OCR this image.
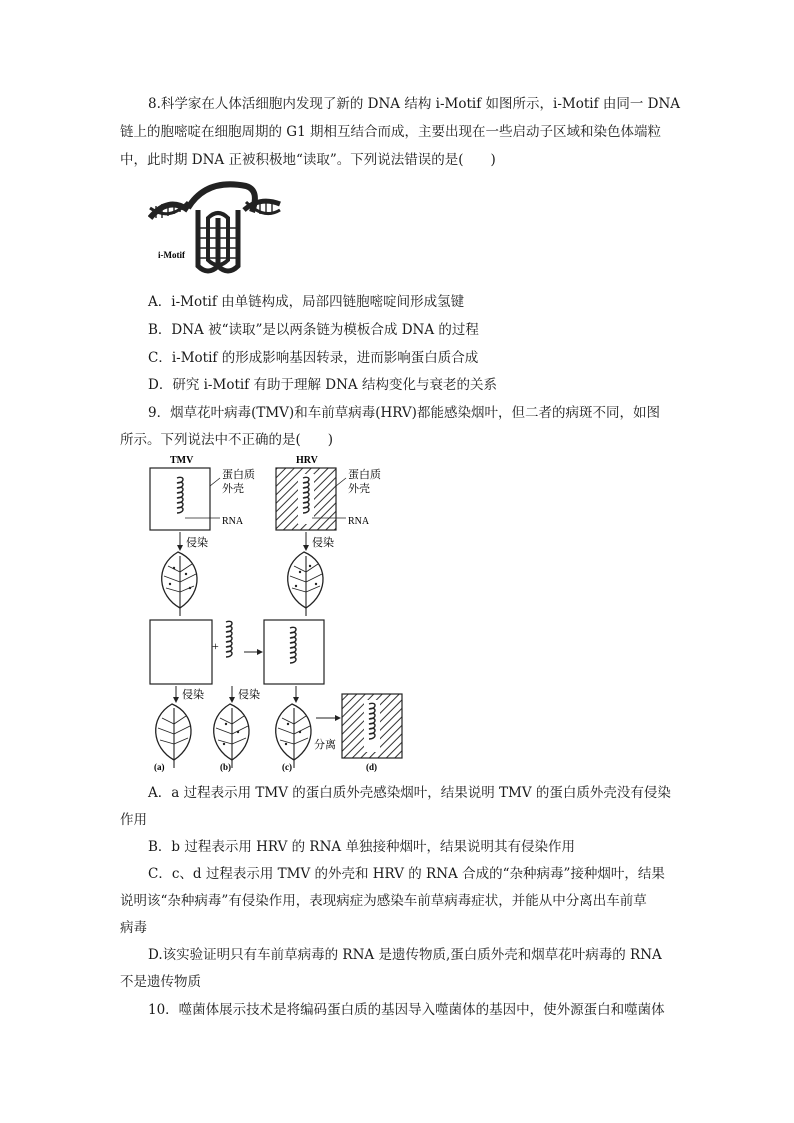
8.科学家在人体活细胞内发现了新的 DNA 结构 i-Motif 如图所示，i-Motif 由同一 DNA
链上的胞嘧啶在细胞周期的 G1 期相互结合而成，主要出现在一些启动子区域和染色体端粒
中，此时期 DNA 正被积极地“读取”。下列说法错误的是(　　)
i-Motif
A．i-Motif 由单链构成，局部四链胞嘧啶间形成氢键
B．DNA 被“读取”是以两条链为模板合成 DNA 的过程
C．i-Motif 的形成影响基因转录，进而影响蛋白质合成
D．研究 i-Motif 有助于理解 DNA 结构变化与衰老的关系
9．烟草花叶病毒(TMV)和车前草病毒(HRV)都能感染烟叶，但二者的病斑不同，如图
所示。下列说法中不正确的是(　　)
TMV
蛋白质
外壳
RNA
侵染
HRV
蛋白质
外壳
RNA
侵染
+
侵染	侵染
分离
(a)	(b)	(c)	(d)
A．a 过程表示用 TMV 的蛋白质外壳感染烟叶，结果说明 TMV 的蛋白质外壳没有侵染
作用
B．b 过程表示用 HRV 的 RNA 单独接种烟叶，结果说明其有侵染作用
C．c、d 过程表示用 TMV 的外壳和 HRV 的 RNA 合成的“杂种病毒”接种烟叶，结果
说明该“杂种病毒”有侵染作用，表现病症为感染车前草病毒症状，并能从中分离出车前草
病毒
D.该实验证明只有车前草病毒的 RNA 是遗传物质,蛋白质外壳和烟草花叶病毒的 RNA
不是遗传物质
10．噬菌体展示技术是将编码蛋白质的基因导入噬菌体的基因中，使外源蛋白和噬菌体
